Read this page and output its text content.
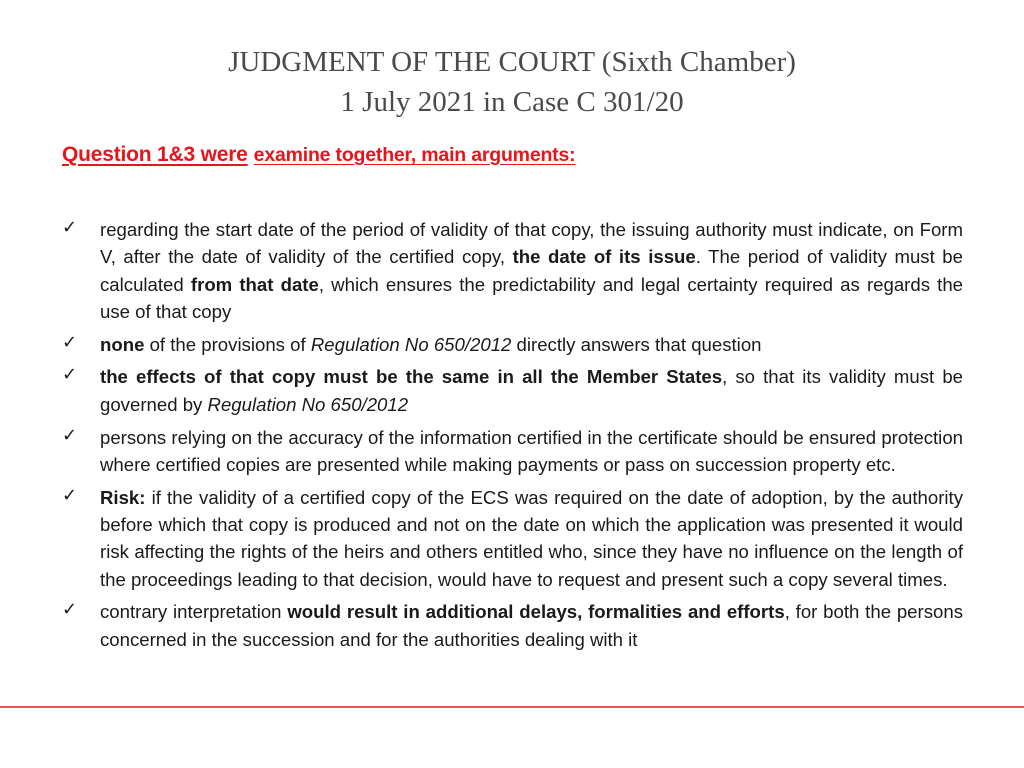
JUDGMENT OF THE COURT (Sixth Chamber)
1 July 2021 in Case C 301/20
Question 1&3 were examine together, main arguments:
✓ regarding the start date of the period of validity of that copy, the issuing authority must indicate, on Form V, after the date of validity of the certified copy, the date of its issue. The period of validity must be calculated from that date, which ensures the predictability and legal certainty required as regards the use of that copy
✓ none of the provisions of Regulation No 650/2012 directly answers that question
✓ the effects of that copy must be the same in all the Member States, so that its validity must be governed by Regulation No 650/2012
✓ persons relying on the accuracy of the information certified in the certificate should be ensured protection where certified copies are presented while making payments or pass on succession property etc.
✓ Risk: if the validity of a certified copy of the ECS was required on the date of adoption, by the authority before which that copy is produced and not on the date on which the application was presented it would risk affecting the rights of the heirs and others entitled who, since they have no influence on the length of the proceedings leading to that decision, would have to request and present such a copy several times.
✓ contrary interpretation would result in additional delays, formalities and efforts, for both the persons concerned in the succession and for the authorities dealing with it
